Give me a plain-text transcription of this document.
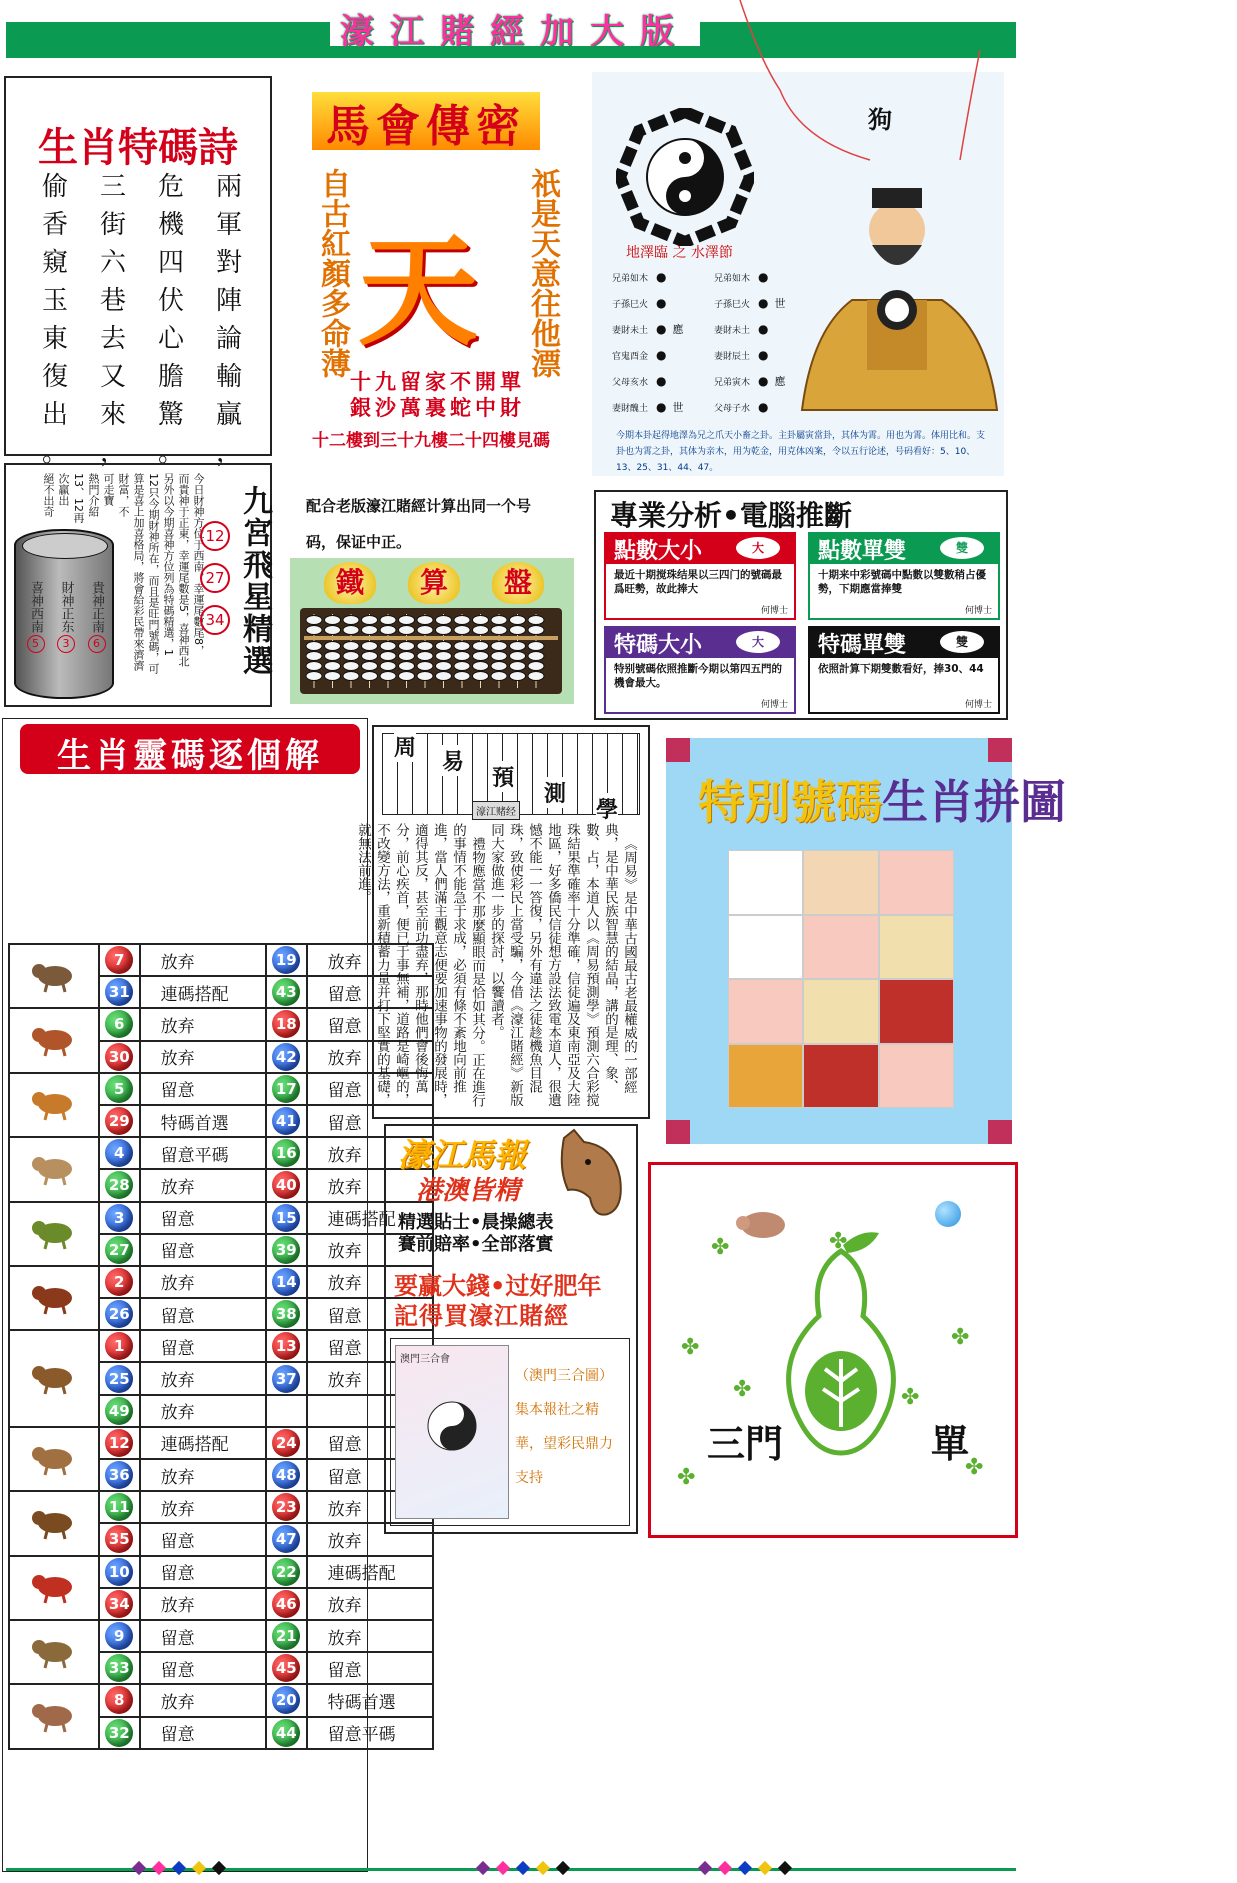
濠江賭經加大版
生肖特碼詩
偷
香
窺
玉
東
復
出
。
三
街
六
巷
去
又
來
，
危
機
四
伏
心
膽
驚
。
兩
軍
對
陣
論
輸
贏
，
馬會傳密
自古紅顏多命薄	祇是天意往他漂
天
十九留家不開單
銀沙萬裏蛇中財
十二樓到三十九樓二十四樓見碼
狗
地澤臨 之 水澤節
兄弟如木 ●
子孫巳火 ●
妻財未土 ● 應
官鬼酉金 ●
父母亥水 ●
妻財醜土 ● 世
兄弟如木 ●
子孫巳火 ● 世
妻財未土 ●
妻財辰土 ●
兄弟寅木 ● 應
父母子水 ●
今期本卦起得地澤為兄之爪天小畜之卦。主卦屬寅當卦，其体为霄。用也为霄。体用比和。支卦也为霄之卦，其体为亲木，用为乾金，用克体凶案，令以五行论述，号码看好：5、10、13、25、31、44、47。
今日財神方位于西南，幸運尾數尾8，
而貴神于正東，幸運尾數是5，喜神西北
另外以今期喜神方位列為特碼精選，1
12只今期財神所在，而且是旺門號碼，可
算是喜上加喜格局，將會給彩民帶來濟濟
財富，不
可走寶
熱門介紹
13、12再
次贏出
絕不出奇
12
27
34 九宮飛星精選
貴神正南
6
財神正东
3
喜神西南
5
配合老版濠江賭經计算出同一个号码，保证中正。
鐵	算	盤
專業分析•電腦推斷
點數大小	大
最近十期搅珠结果以三四门的號碼最爲旺勢，故此捧大
何博士
點數單雙	雙
十期来中彩號碼中點數以雙數稍占優勢，下期應當捧雙
何博士
特碼大小	大
特别號碼依照推斷今期以第四五門的機會最大。
何博士
特碼單雙	雙
依照計算下期雙數看好，捧30、44
何博士
生肖靈碼逐個解
	7	放弃	19	放弃
	31	連碼搭配	43	留意
	6	放弃	18	留意
	30	放弃	42	放弃
	5	留意	17	留意
	29	特碼首選	41	留意
	4	留意平碼	16	放弃
	28	放弃	40	放弃
	3	留意	15	連碼搭配
	27	留意	39	放弃
	2	放弃	14	放弃
	26	留意	38	留意
	1	留意	13	留意
	25	放弃	37	放弃
	49	放弃		
	12	連碼搭配	24	留意
	36	放弃	48	留意
	11	放弃	23	放弃
	35	留意	47	放弃
	10	留意	22	連碼搭配
	34	放弃	46	放弃
	9	留意	21	放弃
	33	留意	45	留意
	8	放弃	20	特碼首選
	32	留意	44	留意平碼
周
易
預
測
學
濠江赌经

《周易》是中華古國最古老最權威的一部經典，是中華民族智慧的結晶，講的是理、象、數、占，本道人以《周易預測學》預測六合彩搅珠結果準確率十分準確，信徒遍及東南亞及大陸地區，好多僑民信徒想方設法致電本道人，很遺憾不能一一答復，另外有違法之徒趁機魚目混珠，致使彩民上當受騙，今借《濠江賭經》新版同大家做進一步的探討，以饗讀者。

禮物應當不那麼顯眼而是恰如其分。正在進行的事情不能急于求成，必須有條不紊地向前推進，當人們滿主觀意志便要加速事物的發展時，適得其反，甚至前功盡弃，那時他們會後悔萬分，前心疾首，便已于事無補，道路是崎嶇的，不改變方法，重新積蓄力量并打下堅實的基礎，就無法前進。

特別號碼生肖拼圖
濠江馬報
港澳皆精
精選貼士•晨操總表
賽前賠率•全部落實
要赢大錢•过好肥年
記得買濠江賭經
澳門三合會
（澳門三合圖）集本報社之精華，望彩民鼎力支持
✤	✤
✤	✤
✤	✤
✤	✤
三門	單
